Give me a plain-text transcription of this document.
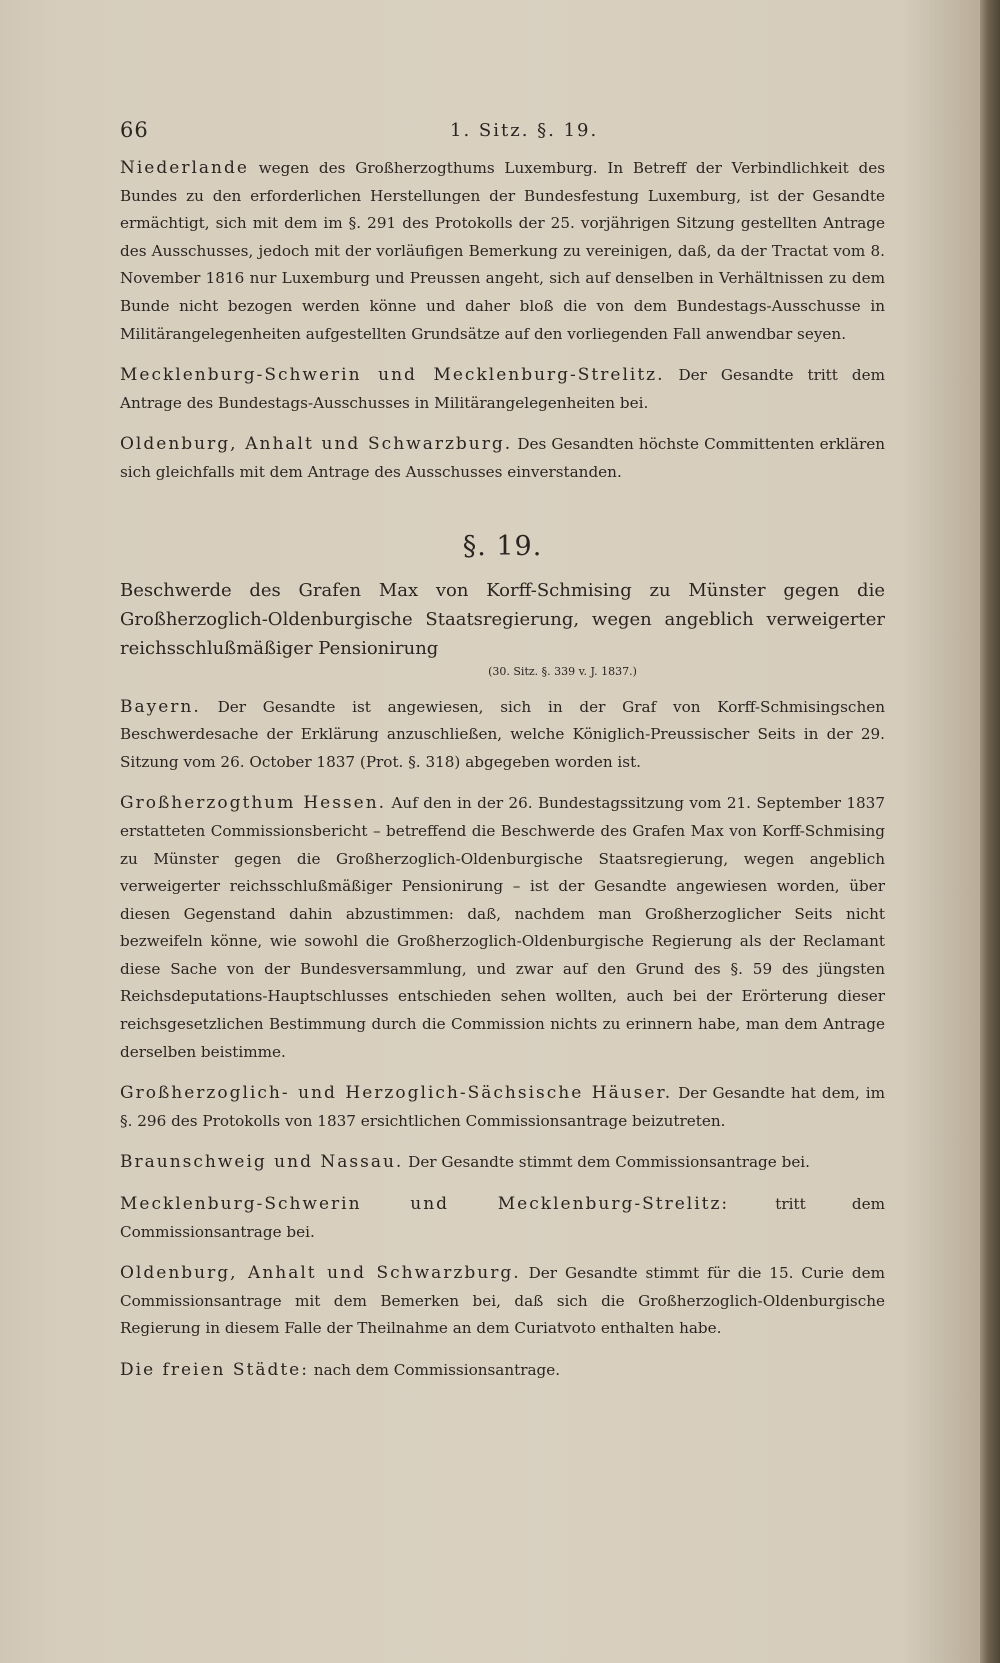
66	1. Sitz. §. 19.

Niederlande wegen des Großherzogthums Luxemburg. In Betreff der Verbindlichkeit des Bundes zu den erforderlichen Herstellungen der Bundesfestung Luxemburg, ist der Gesandte ermächtigt, sich mit dem im §. 291 des Protokolls der 25. vorjährigen Sitzung gestellten Antrage des Ausschusses, jedoch mit der vorläufigen Bemerkung zu vereinigen, daß, da der Tractat vom 8. November 1816 nur Luxemburg und Preussen angeht, sich auf denselben in Verhältnissen zu dem Bunde nicht bezogen werden könne und daher bloß die von dem Bundestags-Ausschusse in Militärangelegenheiten aufgestellten Grundsätze auf den vorliegenden Fall anwendbar seyen.

Mecklenburg-Schwerin und Mecklenburg-Strelitz. Der Gesandte tritt dem Antrage des Bundestags-Ausschusses in Militärangelegenheiten bei.

Oldenburg, Anhalt und Schwarzburg. Des Gesandten höchste Committenten erklären sich gleichfalls mit dem Antrage des Ausschusses einverstanden.

§. 19.

Beschwerde des Grafen Max von Korff-Schmising zu Münster gegen die Großherzoglich-Oldenburgische Staatsregierung, wegen angeblich verweigerter reichsschlußmäßiger Pensionirung

(30. Sitz. §. 339 v. J. 1837.)

Bayern. Der Gesandte ist angewiesen, sich in der Graf von Korff-Schmisingschen Beschwerdesache der Erklärung anzuschließen, welche Königlich-Preussischer Seits in der 29. Sitzung vom 26. October 1837 (Prot. §. 318) abgegeben worden ist.

Großherzogthum Hessen. Auf den in der 26. Bundestagssitzung vom 21. September 1837 erstatteten Commissionsbericht – betreffend die Beschwerde des Grafen Max von Korff-Schmising zu Münster gegen die Großherzoglich-Oldenburgische Staatsregierung, wegen angeblich verweigerter reichsschlußmäßiger Pensionirung – ist der Gesandte angewiesen worden, über diesen Gegenstand dahin abzustimmen: daß, nachdem man Großherzoglicher Seits nicht bezweifeln könne, wie sowohl die Großherzoglich-Oldenburgische Regierung als der Reclamant diese Sache von der Bundesversammlung, und zwar auf den Grund des §. 59 des jüngsten Reichsdeputations-Hauptschlusses entschieden sehen wollten, auch bei der Erörterung dieser reichsgesetzlichen Bestimmung durch die Commission nichts zu erinnern habe, man dem Antrage derselben beistimme.

Großherzoglich- und Herzoglich-Sächsische Häuser. Der Gesandte hat dem, im §. 296 des Protokolls von 1837 ersichtlichen Commissionsantrage beizutreten.

Braunschweig und Nassau. Der Gesandte stimmt dem Commissionsantrage bei.

Mecklenburg-Schwerin und Mecklenburg-Strelitz: tritt dem Commissionsantrage bei.

Oldenburg, Anhalt und Schwarzburg. Der Gesandte stimmt für die 15. Curie dem Commissionsantrage mit dem Bemerken bei, daß sich die Großherzoglich-Oldenburgische Regierung in diesem Falle der Theilnahme an dem Curiatvoto enthalten habe.

Die freien Städte: nach dem Commissionsantrage.
